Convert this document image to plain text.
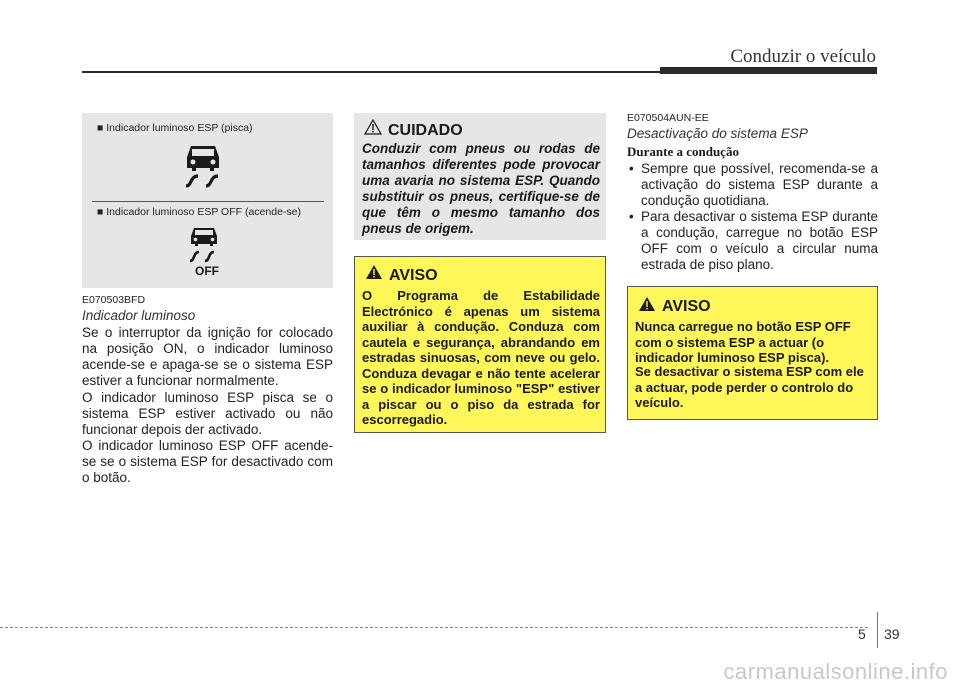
Conduzir o veículo
■ Indicador luminoso ESP (pisca)
■ Indicador luminoso ESP OFF (acende-se)
OFF
E070503BFD
Indicador luminoso
Se o interruptor da ignição for colocado na posição ON, o indicador luminoso acende-se e apaga-se se o sistema ESP estiver a funcionar normalmente.
O indicador luminoso ESP pisca se o sistema ESP estiver activado ou não funcionar depois der activado.
O indicador luminoso ESP OFF acende-se se o sistema ESP for desactivado com o botão.
CUIDADO
Conduzir com pneus ou rodas de tamanhos diferentes pode provocar uma avaria no sistema ESP. Quando substituir os pneus, certifique-se de que têm o mesmo tamanho dos pneus de origem.
AVISO
O Programa de Estabilidade Electrónico é apenas um sistema auxiliar à condução. Conduza com cautela e segurança, abrandando em estradas sinuosas, com neve ou gelo. Conduza devagar e não tente acelerar se o indicador luminoso "ESP" estiver a piscar ou o piso da estrada for escorregadio.
E070504AUN-EE
Desactivação do sistema ESP
Durante a condução
• Sempre que possível, recomenda-se a activação do sistema ESP durante a condução quotidiana.
• Para desactivar o sistema ESP durante a condução, carregue no botão ESP OFF com o veículo a circular numa estrada de piso plano.
AVISO
Nunca carregue no botão ESP OFF com o sistema ESP a actuar (o indicador luminoso ESP pisca).
Se desactivar o sistema ESP com ele a actuar, pode perder o controlo do veículo.
5 39
carmanualsonline.info
